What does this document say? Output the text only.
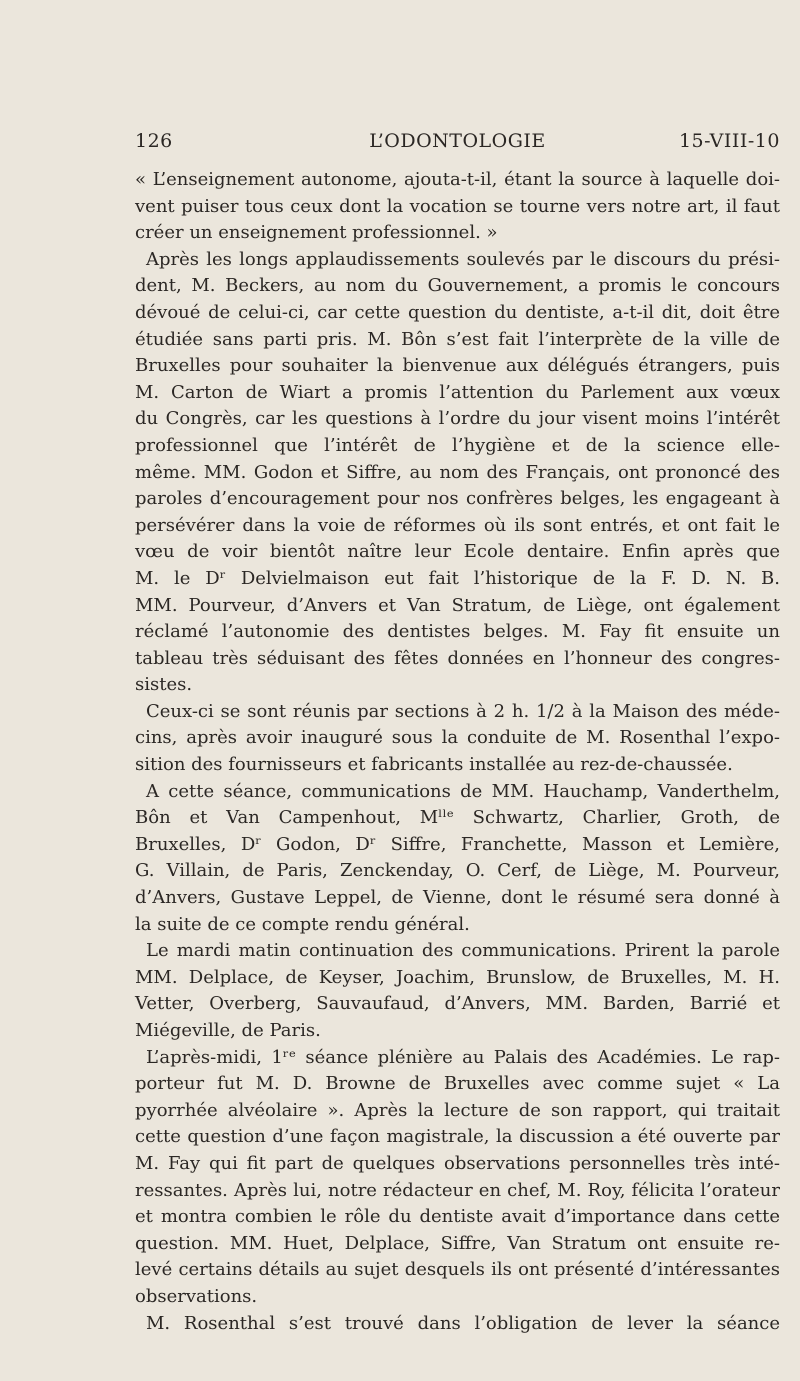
126	L’ODONTOLOGIE	15-VIII-10
« L’enseignement autonome, ajouta-t-il, étant la source à laquelle doi-
vent puiser tous ceux dont la vocation se tourne vers notre art, il faut
créer un enseignement professionnel. »
Après les longs applaudissements soulevés par le discours du prési-
dent, M. Beckers, au nom du Gouvernement, a promis le concours
dévoué de celui-ci, car cette question du dentiste, a-t-il dit, doit être
étudiée sans parti pris. M. Bôn s’est fait l’interprète de la ville de
Bruxelles pour souhaiter la bienvenue aux délégués étrangers, puis
M. Carton de Wiart a promis l’attention du Parlement aux vœux
du Congrès, car les questions à l’ordre du jour visent moins l’intérêt
professionnel que l’intérêt de l’hygiène et de la science elle-
même. MM. Godon et Siffre, au nom des Français, ont prononcé des
paroles d’encouragement pour nos confrères belges, les engageant à
persévérer dans la voie de réformes où ils sont entrés, et ont fait le
vœu de voir bientôt naître leur Ecole dentaire. Enfin après que
M. le Dʳ Delvielmaison eut fait l’historique de la F. D. N. B.
MM. Pourveur, d’Anvers et Van Stratum, de Liège, ont également
réclamé l’autonomie des dentistes belges. M. Fay fit ensuite un
tableau très séduisant des fêtes données en l’honneur des congres-
sistes.
Ceux-ci se sont réunis par sections à 2 h. 1/2 à la Maison des méde-
cins, après avoir inauguré sous la conduite de M. Rosenthal l’expo-
sition des fournisseurs et fabricants installée au rez-de-chaussée.
A cette séance, communications de MM. Hauchamp, Vanderthelm,
Bôn et Van Campenhout, Mˡˡᵉ Schwartz, Charlier, Groth, de
Bruxelles, Dʳ Godon, Dʳ Siffre, Franchette, Masson et Lemière,
G. Villain, de Paris, Zenckenday, O. Cerf, de Liège, M. Pourveur,
d’Anvers, Gustave Leppel, de Vienne, dont le résumé sera donné à
la suite de ce compte rendu général.
Le mardi matin continuation des communications. Prirent la parole
MM. Delplace, de Keyser, Joachim, Brunslow, de Bruxelles, M. H.
Vetter, Overberg, Sauvaufaud, d’Anvers, MM. Barden, Barrié et
Miégeville, de Paris.
L’après-midi, 1ʳᵉ séance plénière au Palais des Académies. Le rap-
porteur fut M. D. Browne de Bruxelles avec comme sujet « La
pyorrhée alvéolaire ». Après la lecture de son rapport, qui traitait
cette question d’une façon magistrale, la discussion a été ouverte par
M. Fay qui fit part de quelques observations personnelles très inté-
ressantes. Après lui, notre rédacteur en chef, M. Roy, félicita l’orateur
et montra combien le rôle du dentiste avait d’importance dans cette
question. MM. Huet, Delplace, Siffre, Van Stratum ont ensuite re-
levé certains détails au sujet desquels ils ont présenté d’intéressantes
observations.
M. Rosenthal s’est trouvé dans l’obligation de lever la séance
